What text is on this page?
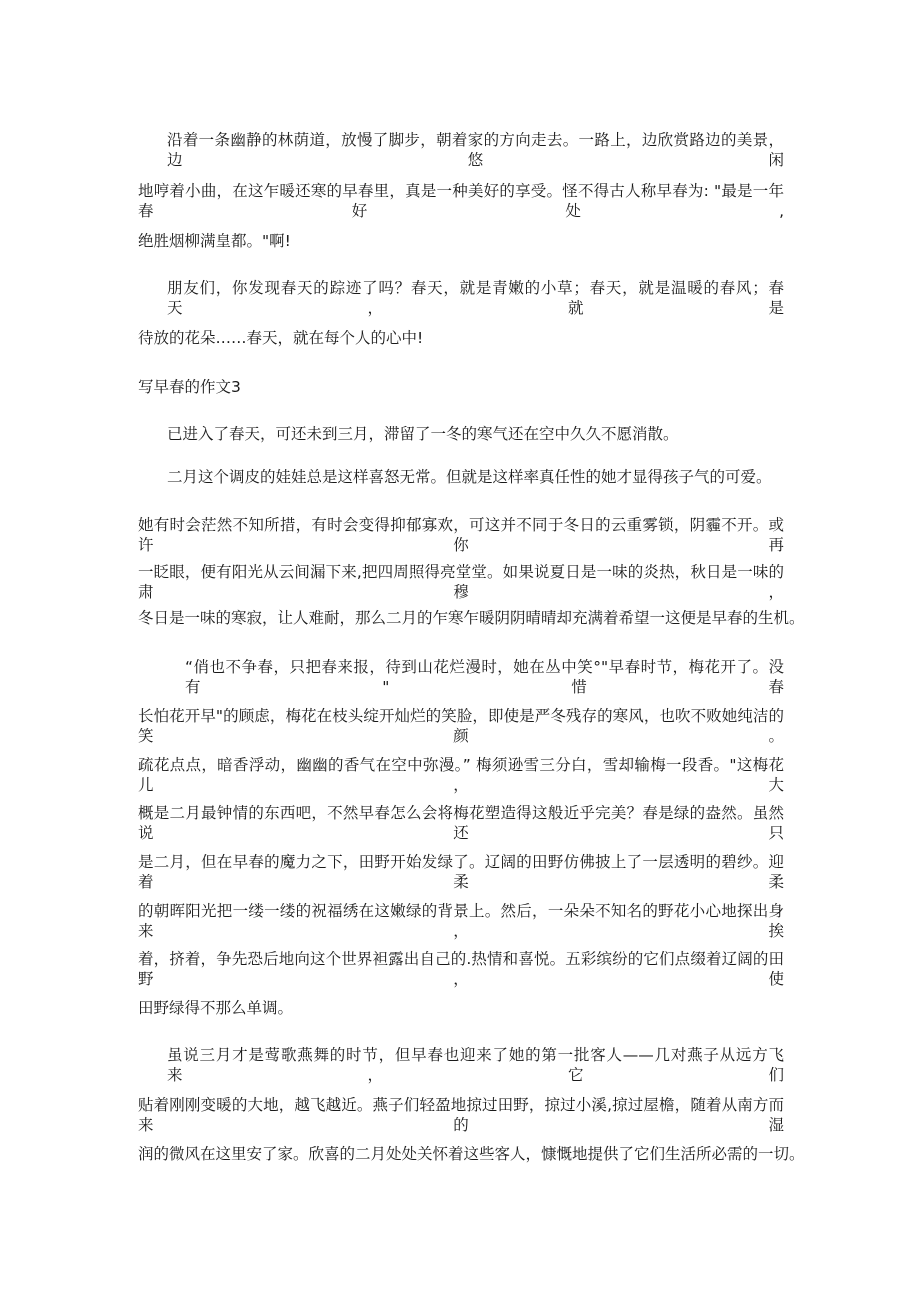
沿着一条幽静的林荫道，放慢了脚步，朝着家的方向走去。一路上，边欣赏路边的美景，边悠闲

地哼着小曲，在这乍暖还寒的早春里，真是一种美好的享受。怪不得古人称早春为: "最是一年春好处,

绝胜烟柳满皇都。"啊!

朋友们，你发现春天的踪迹了吗？春天，就是青嫩的小草；春天，就是温暖的春风；春天，就是

待放的花朵……春天，就在每个人的心中!

写早春的作文3

已进入了春天，可还未到三月，滞留了一冬的寒气还在空中久久不愿消散。

二月这个调皮的娃娃总是这样喜怒无常。但就是这样率真任性的她才显得孩子气的可爱。

她有时会茫然不知所措，有时会变得抑郁寡欢，可这并不同于冬日的云重雾锁，阴霾不开。或许你再

一眨眼，便有阳光从云间漏下来,把四周照得亮堂堂。如果说夏日是一味的炎热，秋日是一味的肃穆，

冬日是一味的寒寂，让人难耐，那么二月的乍寒乍暖阴阴晴晴却充满着希望一这便是早春的生机。

“俏也不争春，只把春来报，待到山花烂漫时，她在丛中笑°"早春时节，梅花开了。没有"惜春

长怕花开早"的顾虑，梅花在枝头绽开灿烂的笑脸，即使是严冬残存的寒风，也吹不败她纯洁的笑颜。

疏花点点，暗香浮动，幽幽的香气在空中弥漫。” 梅须逊雪三分白，雪却输梅一段香。"这梅花儿，大

概是二月最钟情的东西吧，不然早春怎么会将梅花塑造得这般近乎完美？春是绿的盎然。虽然说还只

是二月，但在早春的魔力之下，田野开始发绿了。辽阔的田野仿佛披上了一层透明的碧纱。迎着柔柔

的朝晖阳光把一缕一缕的祝福绣在这嫩绿的背景上。然后，一朵朵不知名的野花小心地探出身来，挨

着，挤着，争先恐后地向这个世界袒露出自己的.热情和喜悦。五彩缤纷的它们点缀着辽阔的田野，使

田野绿得不那么单调。

虽说三月才是莺歌燕舞的时节，但早春也迎来了她的第一批客人——几对燕子从远方飞来，它们

贴着刚刚变暖的大地，越飞越近。燕子们轻盈地掠过田野，掠过小溪,掠过屋檐，随着从南方而来的湿

润的微风在这里安了家。欣喜的二月处处关怀着这些客人，慷慨地提供了它们生活所必需的一切。
